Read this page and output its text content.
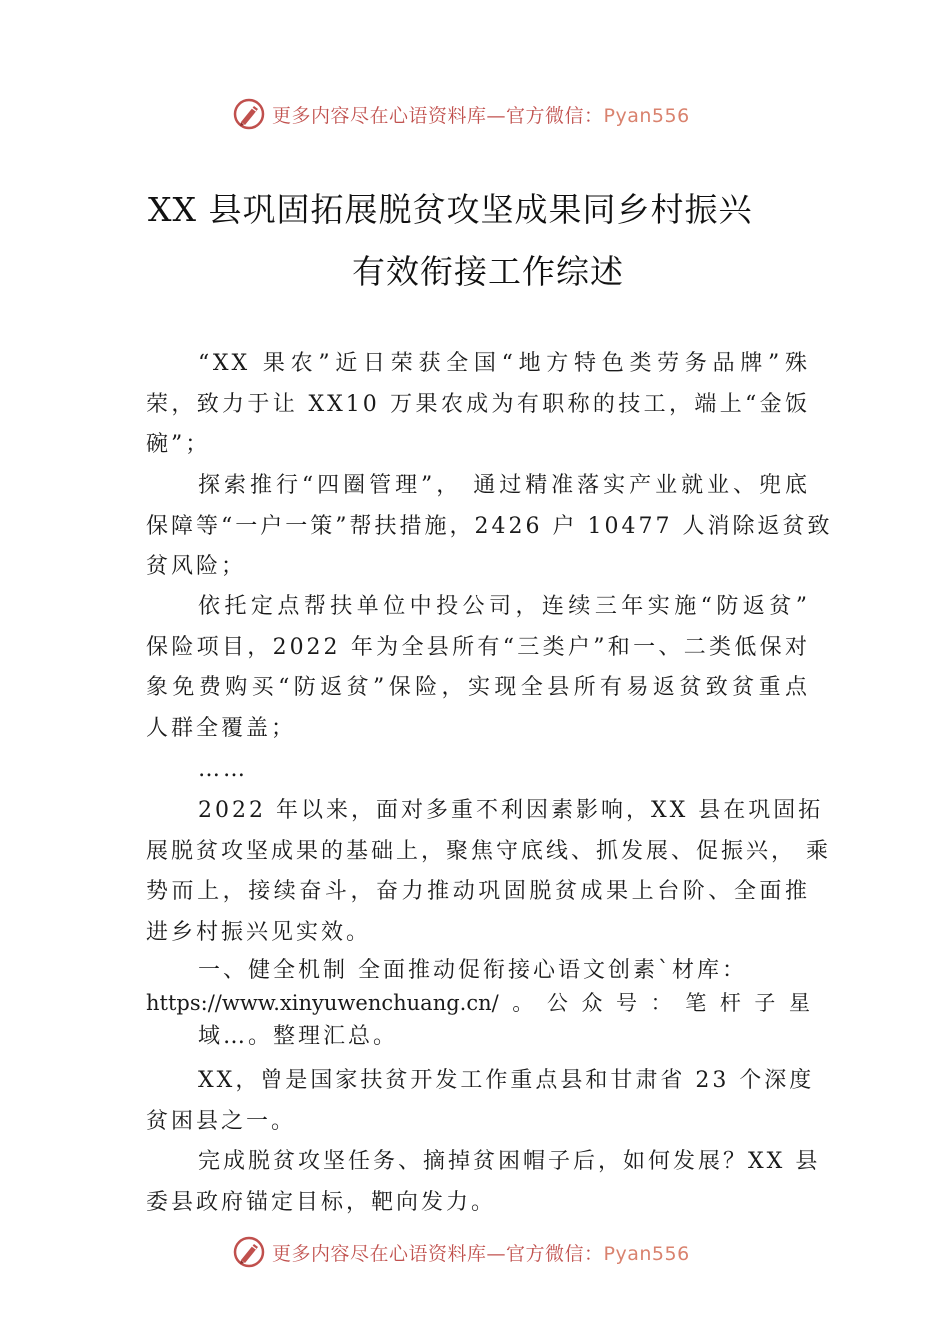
更多内容尽在心语资料库—官方微信：Pyan556
XX 县巩固拓展脱贫攻坚成果同乡村振兴
有效衔接工作综述
“XX 果农”近日荣获全国“地方特色类劳务品牌”殊
荣，致力于让 XX10 万果农成为有职称的技工，端上“金饭
碗”；
探索推行“四圈管理”， 通过精准落实产业就业、兜底
保障等“一户一策”帮扶措施，2426 户 10477 人消除返贫致
贫风险；
依托定点帮扶单位中投公司，连续三年实施“防返贫”
保险项目，2022 年为全县所有“三类户”和一、二类低保对
象免费购买“防返贫”保险，实现全县所有易返贫致贫重点
人群全覆盖；
……
2022 年以来，面对多重不利因素影响，XX 县在巩固拓
展脱贫攻坚成果的基础上，聚焦守底线、抓发展、促振兴， 乘
势而上，接续奋斗，奋力推动巩固脱贫成果上台阶、全面推
进乡村振兴见实效。
一、健全机制 全面推动促衔接心语文创素`材库：
https://www.xinyuwenchuang.cn/。公众号：笔杆子星
域…。整理汇总。
XX，曾是国家扶贫开发工作重点县和甘肃省 23 个深度
贫困县之一。
完成脱贫攻坚任务、摘掉贫困帽子后，如何发展？XX 县
委县政府锚定目标，靶向发力。
更多内容尽在心语资料库—官方微信：Pyan556
